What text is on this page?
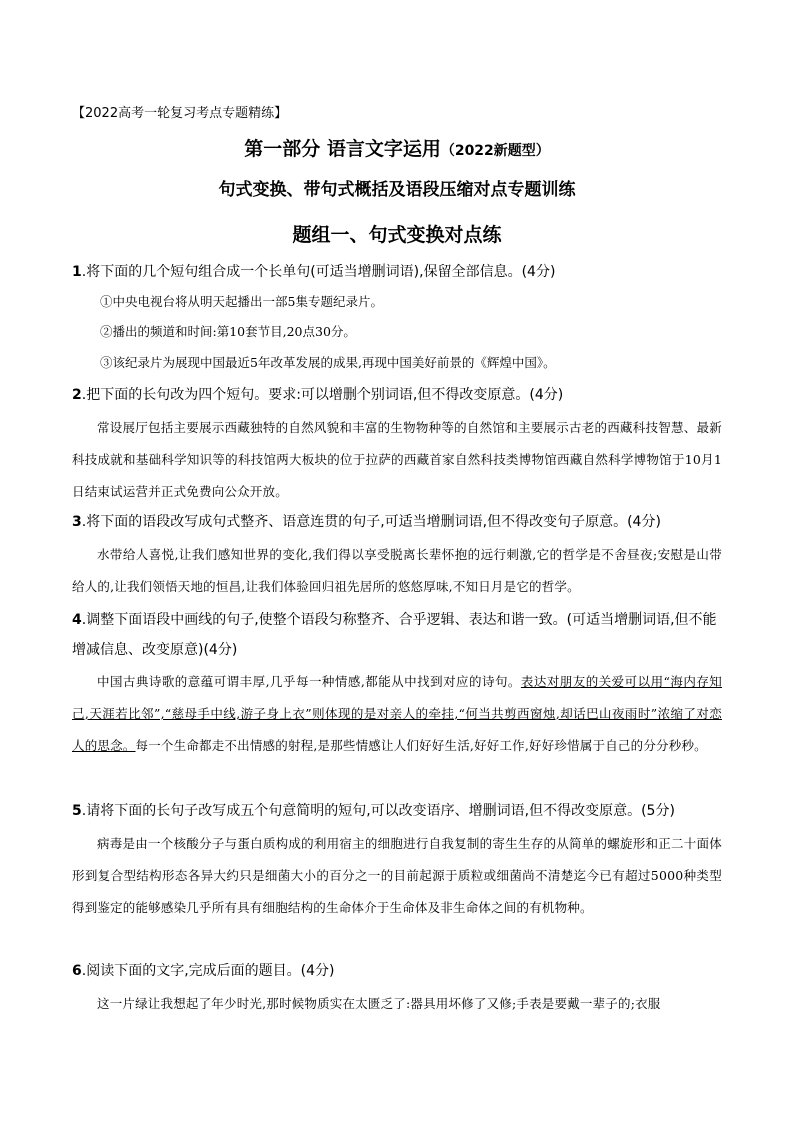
【2022高考一轮复习考点专题精练】
第一部分 语言文字运用（2022新题型）
句式变换、带句式概括及语段压缩对点专题训练
题组一、句式变换对点练
1.将下面的几个短句组合成一个长单句(可适当增删词语),保留全部信息。(4分)
①中央电视台将从明天起播出一部5集专题纪录片。
②播出的频道和时间:第10套节目,20点30分。
③该纪录片为展现中国最近5年改革发展的成果,再现中国美好前景的《辉煌中国》。
2.把下面的长句改为四个短句。要求:可以增删个别词语,但不得改变原意。(4分)
常设展厅包括主要展示西藏独特的自然风貌和丰富的生物物种等的自然馆和主要展示古老的西藏科技智慧、最新科技成就和基础科学知识等的科技馆两大板块的位于拉萨的西藏首家自然科技类博物馆西藏自然科学博物馆于10月1日结束试运营并正式免费向公众开放。
3.将下面的语段改写成句式整齐、语意连贯的句子,可适当增删词语,但不得改变句子原意。(4分)
水带给人喜悦,让我们感知世界的变化,我们得以享受脱离长辈怀抱的远行刺激,它的哲学是不舍昼夜;安慰是山带给人的,让我们领悟天地的恒昌,让我们体验回归祖先居所的悠悠厚味,不知日月是它的哲学。
4.调整下面语段中画线的句子,使整个语段匀称整齐、合乎逻辑、表达和谐一致。(可适当增删词语,但不能增减信息、改变原意)(4分)
中国古典诗歌的意蕴可谓丰厚,几乎每一种情感,都能从中找到对应的诗句。表达对朋友的关爱可以用“海内存知己,天涯若比邻”,“慈母手中线,游子身上衣”则体现的是对亲人的牵挂,“何当共剪西窗烛,却话巴山夜雨时”浓缩了对恋人的思念。每一个生命都走不出情感的射程,是那些情感让人们好好生活,好好工作,好好珍惜属于自己的分分秒秒。
5.请将下面的长句子改写成五个句意简明的短句,可以改变语序、增删词语,但不得改变原意。(5分)
病毒是由一个核酸分子与蛋白质构成的利用宿主的细胞进行自我复制的寄生生存的从简单的螺旋形和正二十面体形到复合型结构形态各异大约只是细菌大小的百分之一的目前起源于质粒或细菌尚不清楚迄今已有超过5000种类型得到鉴定的能够感染几乎所有具有细胞结构的生命体介于生命体及非生命体之间的有机物种。
6.阅读下面的文字,完成后面的题目。(4分)
这一片绿让我想起了年少时光,那时候物质实在太匮乏了:器具用坏修了又修;手表是要戴一辈子的;衣服
